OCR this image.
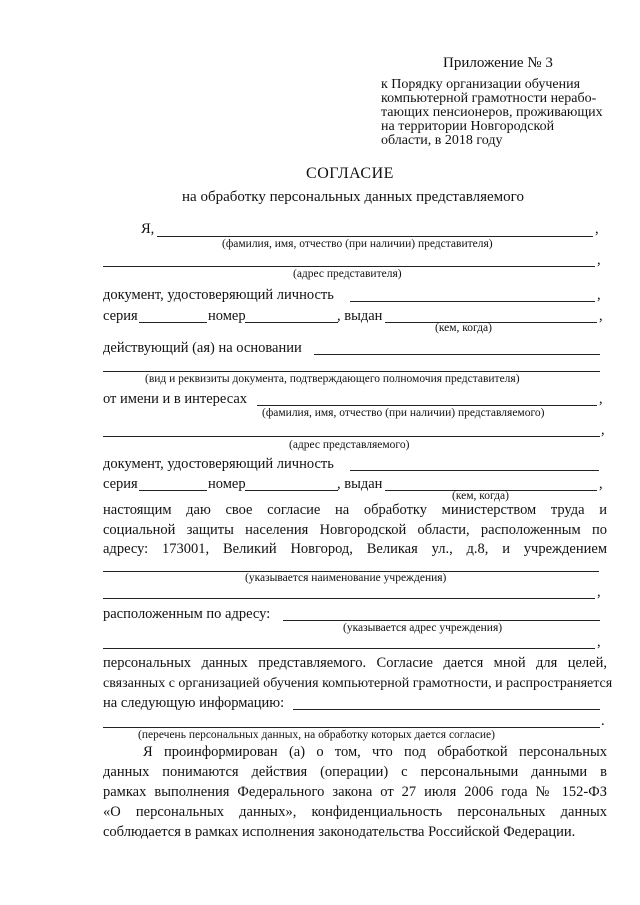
Приложение № 3
к Порядку организации обучения
компьютерной грамотности нерабо-
тающих пенсионеров, проживающих
на территории Новгородской
области, в 2018 году
СОГЛАСИЕ
на обработку персональных данных представляемого
Я,	,
(фамилия, имя, отчество (при наличии) представителя)
,
(адрес представителя)
документ, удостоверяющий личность	,
серия	номер	, выдан	,
(кем, когда)
действующий (ая) на основании
(вид и реквизиты документа, подтверждающего полномочия представителя)
от имени и в интересах	,
(фамилия, имя, отчество (при наличии) представляемого)
,
(адрес представляемого)
документ, удостоверяющий личность
серия	номер	, выдан	,
(кем, когда)
настоящим даю свое согласие на обработку министерством труда и
социальной защиты населения Новгородской области, расположенным по
адресу: 173001, Великий Новгород, Великая ул., д.8, и учреждением
(указывается наименование учреждения)
,
расположенным по адресу:
(указывается адрес учреждения)
,
персональных данных представляемого. Согласие дается мной для целей,
связанных с организацией обучения компьютерной грамотности, и распространяется
на следующую информацию:
.
(перечень персональных данных, на обработку которых дается согласие)
Я проинформирован (а) о том, что под обработкой персональных
данных понимаются действия (операции) с персональными данными в
рамках выполнения Федерального закона от 27 июля 2006 года № 152-ФЗ
«О персональных данных», конфиденциальность персональных данных
соблюдается в рамках исполнения законодательства Российской Федерации.
